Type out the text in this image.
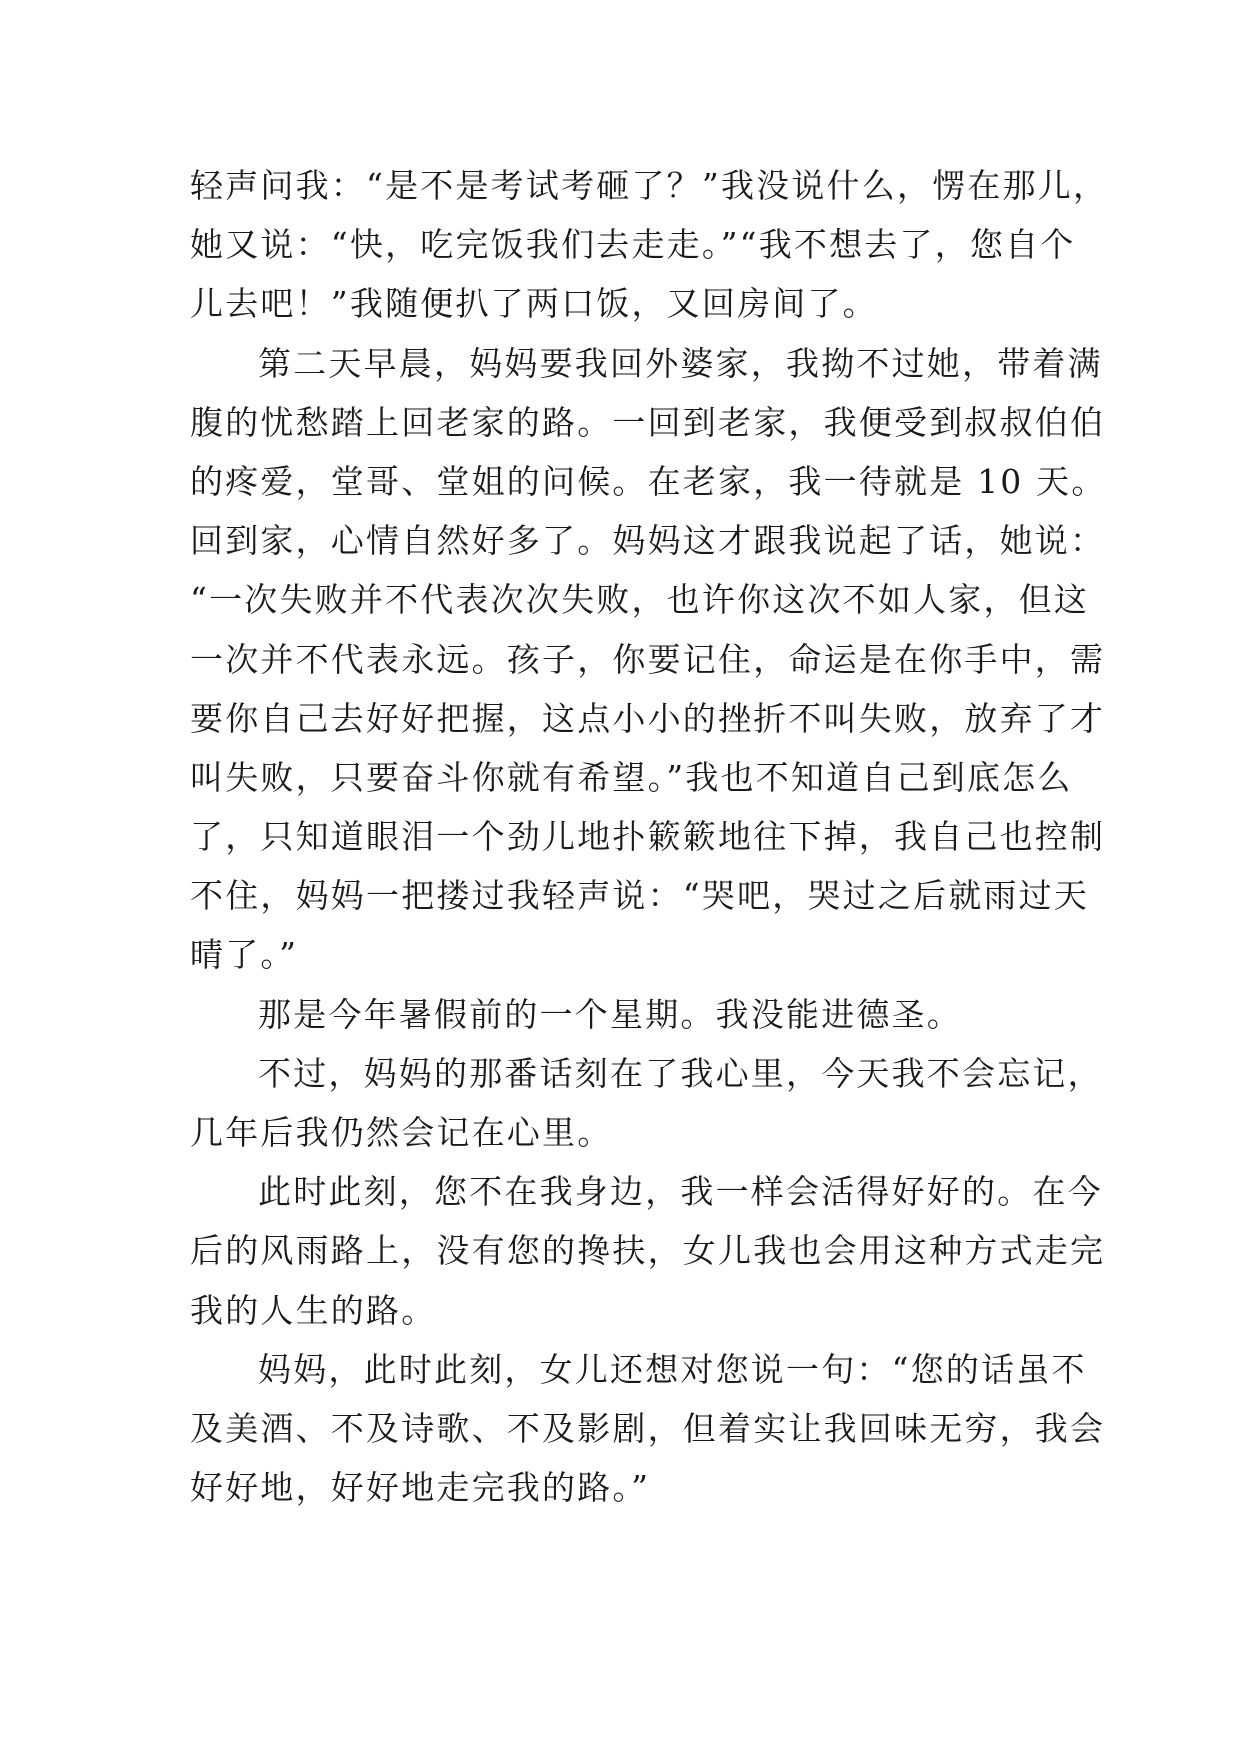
轻声问我：“是不是考试考砸了？”我没说什么，愣在那儿，
她又说：“快，吃完饭我们去走走。”“我不想去了，您自个
儿去吧！”我随便扒了两口饭，又回房间了。
第二天早晨，妈妈要我回外婆家，我拗不过她，带着满
腹的忧愁踏上回老家的路。一回到老家，我便受到叔叔伯伯
的疼爱，堂哥、堂姐的问候。在老家，我一待就是 10 天。
回到家，心情自然好多了。妈妈这才跟我说起了话，她说：
“一次失败并不代表次次失败，也许你这次不如人家，但这
一次并不代表永远。孩子，你要记住，命运是在你手中，需
要你自己去好好把握，这点小小的挫折不叫失败，放弃了才
叫失败，只要奋斗你就有希望。”我也不知道自己到底怎么
了，只知道眼泪一个劲儿地扑簌簌地往下掉，我自己也控制
不住，妈妈一把搂过我轻声说：“哭吧，哭过之后就雨过天
晴了。”
那是今年暑假前的一个星期。我没能进德圣。
不过，妈妈的那番话刻在了我心里，今天我不会忘记，
几年后我仍然会记在心里。
此时此刻，您不在我身边，我一样会活得好好的。在今
后的风雨路上，没有您的搀扶，女儿我也会用这种方式走完
我的人生的路。
妈妈，此时此刻，女儿还想对您说一句：“您的话虽不
及美酒、不及诗歌、不及影剧，但着实让我回味无穷，我会
好好地，好好地走完我的路。”
